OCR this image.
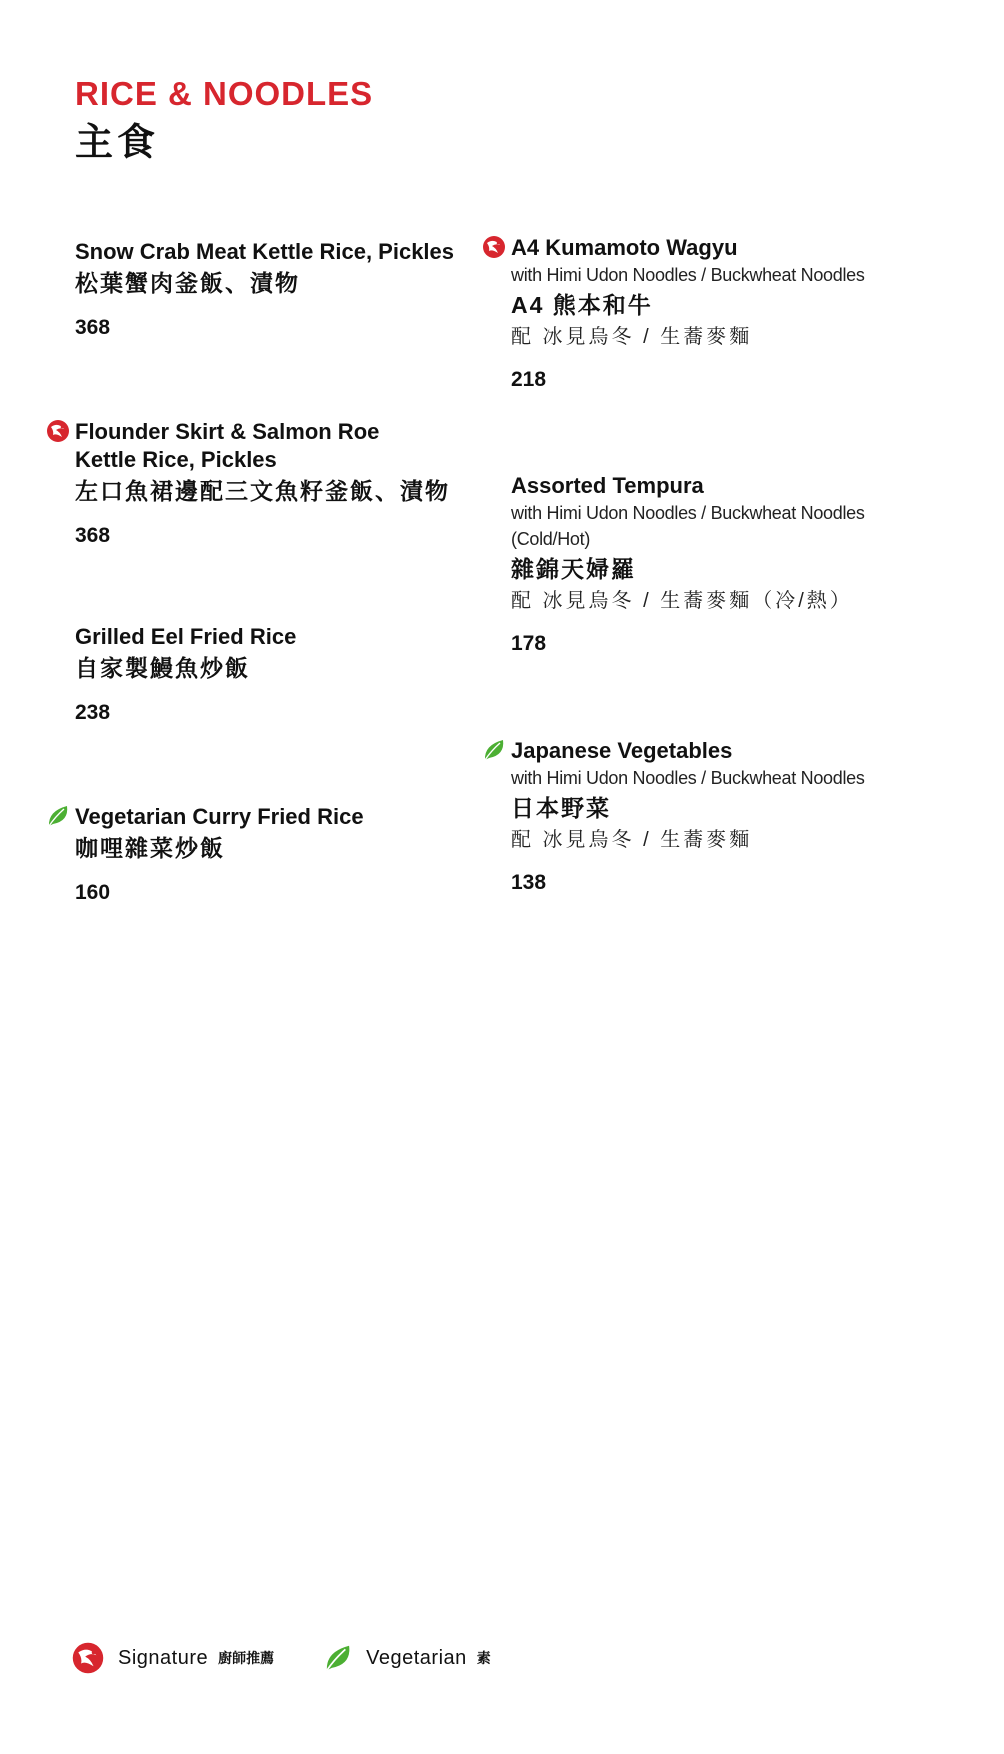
RICE & NOODLES
主食
Snow Crab Meat Kettle Rice, Pickles
松葉蟹肉釜飯、漬物
368
Flounder Skirt & Salmon Roe
Kettle Rice, Pickles
左口魚裙邊配三文魚籽釜飯、漬物
368
Grilled Eel Fried Rice
自家製鰻魚炒飯
238
Vegetarian Curry Fried Rice
咖哩雜菜炒飯
160
A4 Kumamoto Wagyu
with Himi Udon Noodles / Buckwheat Noodles
A4 熊本和牛
配 冰見烏冬 / 生蕎麥麵
218
Assorted Tempura
with Himi Udon Noodles / Buckwheat Noodles
(Cold/Hot)
雜錦天婦羅
配 冰見烏冬 / 生蕎麥麵（冷/熱）
178
Japanese Vegetables
with Himi Udon Noodles / Buckwheat Noodles
日本野菜
配 冰見烏冬 / 生蕎麥麵
138
Signature 廚師推薦	Vegetarian 素
